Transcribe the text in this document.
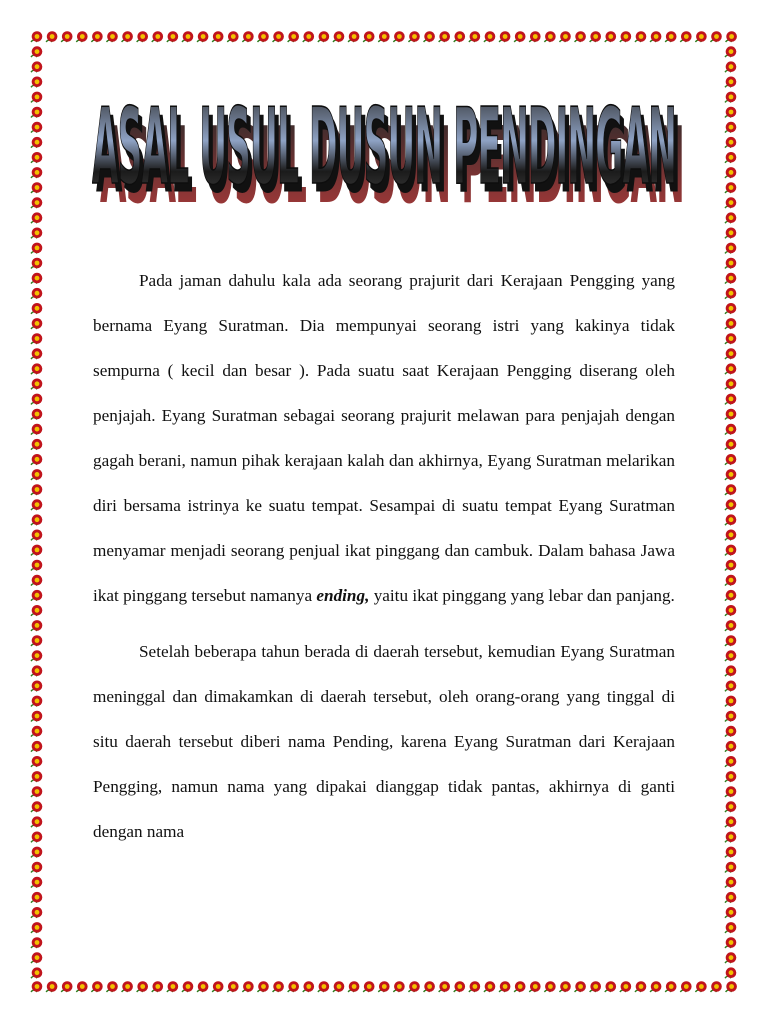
ASAL USUL DUSUN PENDINGAN
ASAL USUL DUSUN PENDINGAN
ASAL USUL DUSUN PENDINGAN
Pada jaman dahulu kala ada seorang prajurit dari Kerajaan Pengging yang bernama Eyang Suratman. Dia mempunyai seorang istri yang kakinya tidak sempurna ( kecil dan besar ). Pada suatu saat Kerajaan Pengging diserang oleh penjajah. Eyang Suratman sebagai seorang prajurit melawan para penjajah dengan gagah berani, namun pihak kerajaan kalah dan akhirnya, Eyang Suratman melarikan diri bersama istrinya ke suatu tempat. Sesampai di suatu tempat Eyang Suratman menyamar menjadi seorang penjual ikat pinggang dan cambuk. Dalam bahasa Jawa ikat pinggang tersebut namanya ending, yaitu ikat pinggang yang lebar dan panjang.
Setelah beberapa tahun berada di daerah tersebut, kemudian Eyang Suratman meninggal dan dimakamkan di daerah tersebut, oleh orang-orang yang tinggal di situ daerah tersebut diberi nama Pending, karena Eyang Suratman dari Kerajaan Pengging, namun nama yang dipakai dianggap tidak pantas, akhirnya di ganti dengan nama
